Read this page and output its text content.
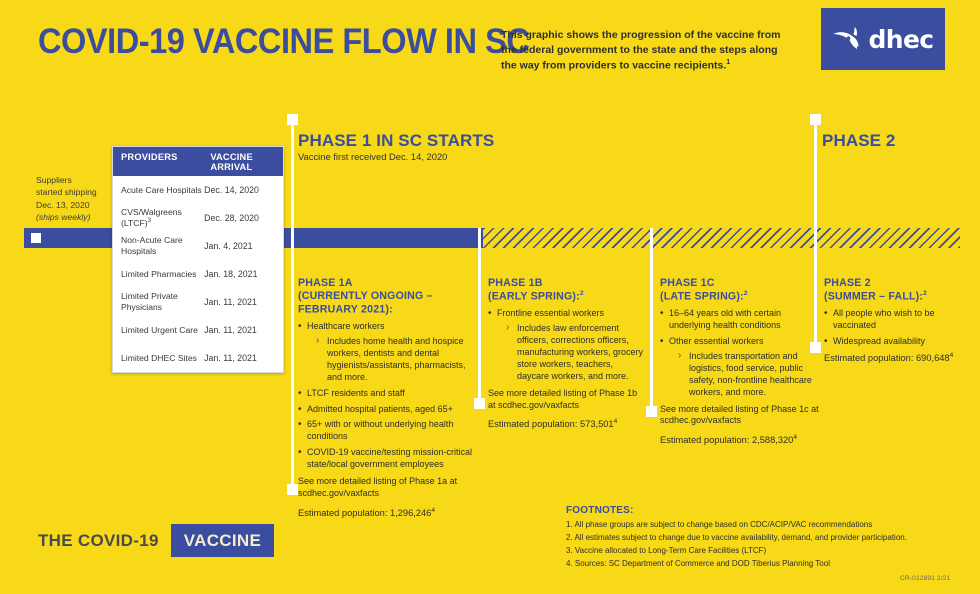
COVID-19 VACCINE FLOW IN SC
This graphic shows the progression of the vaccine from the federal government to the state and the steps along the way from providers to vaccine recipients.$^1$
dhec
Suppliers
started shipping
Dec. 13, 2020
(ships weekly)
PROVIDERS	VACCINE ARRIVAL
Acute Care Hospitals Dec. 14, 2020
CVS/Walgreens (LTCF)$^3$	Dec. 28, 2020
Non-Acute Care Hospitals	Jan. 4, 2021
Limited Pharmacies Jan. 18, 2021
Limited Private Physicians	Jan. 11, 2021
Limited Urgent Care Jan. 11, 2021
Limited DHEC Sites Jan. 11, 2021
PHASE 1 IN SC STARTS
Vaccine first received Dec. 14, 2020
PHASE 2
PHASE 1A
(CURRENTLY ONGOING – FEBRUARY 2021):
• Healthcare workers
› Includes home health and hospice workers, dentists and dental hygienists/assistants, pharmacists, and more.
• LTCF residents and staff
• Admitted hospital patients, aged 65+
• 65+ with or without underlying health conditions
• COVID-19 vaccine/testing mission-critical state/local government employees
See more detailed listing of Phase 1a at scdhec.gov/vaxfacts
Estimated population: 1,296,246$^4$
PHASE 1B
(EARLY SPRING):$^2$
• Frontline essential workers
› Includes law enforcement officers, corrections officers, manufacturing workers, grocery store workers, teachers, daycare workers, and more.
See more detailed listing of Phase 1b at scdhec.gov/vaxfacts
Estimated population: 573,501$^4$
PHASE 1C
(LATE SPRING):$^2$
• 16–64 years old with certain underlying health conditions
• Other essential workers
› Includes transportation and logistics, food service, public safety, non-frontline healthcare workers, and more.
See more detailed listing of Phase 1c at scdhec.gov/vaxfacts
Estimated population: 2,588,320$^4$
PHASE 2
(SUMMER – FALL):$^2$
• All people who wish to be vaccinated
• Widespread availability
Estimated population: 690,648$^4$
THE COVID-19	VACCINE
FOOTNOTES:
1. All phase groups are subject to change based on CDC/ACIP/VAC recommendations
2. All estimates subject to change due to vaccine availability, demand, and provider participation.
3. Vaccine allocated to Long-Term Care Facilities (LTCF)
4. Sources: SC Department of Commerce and DOD Tiberius Planning Tool
CR-012891 2/21
